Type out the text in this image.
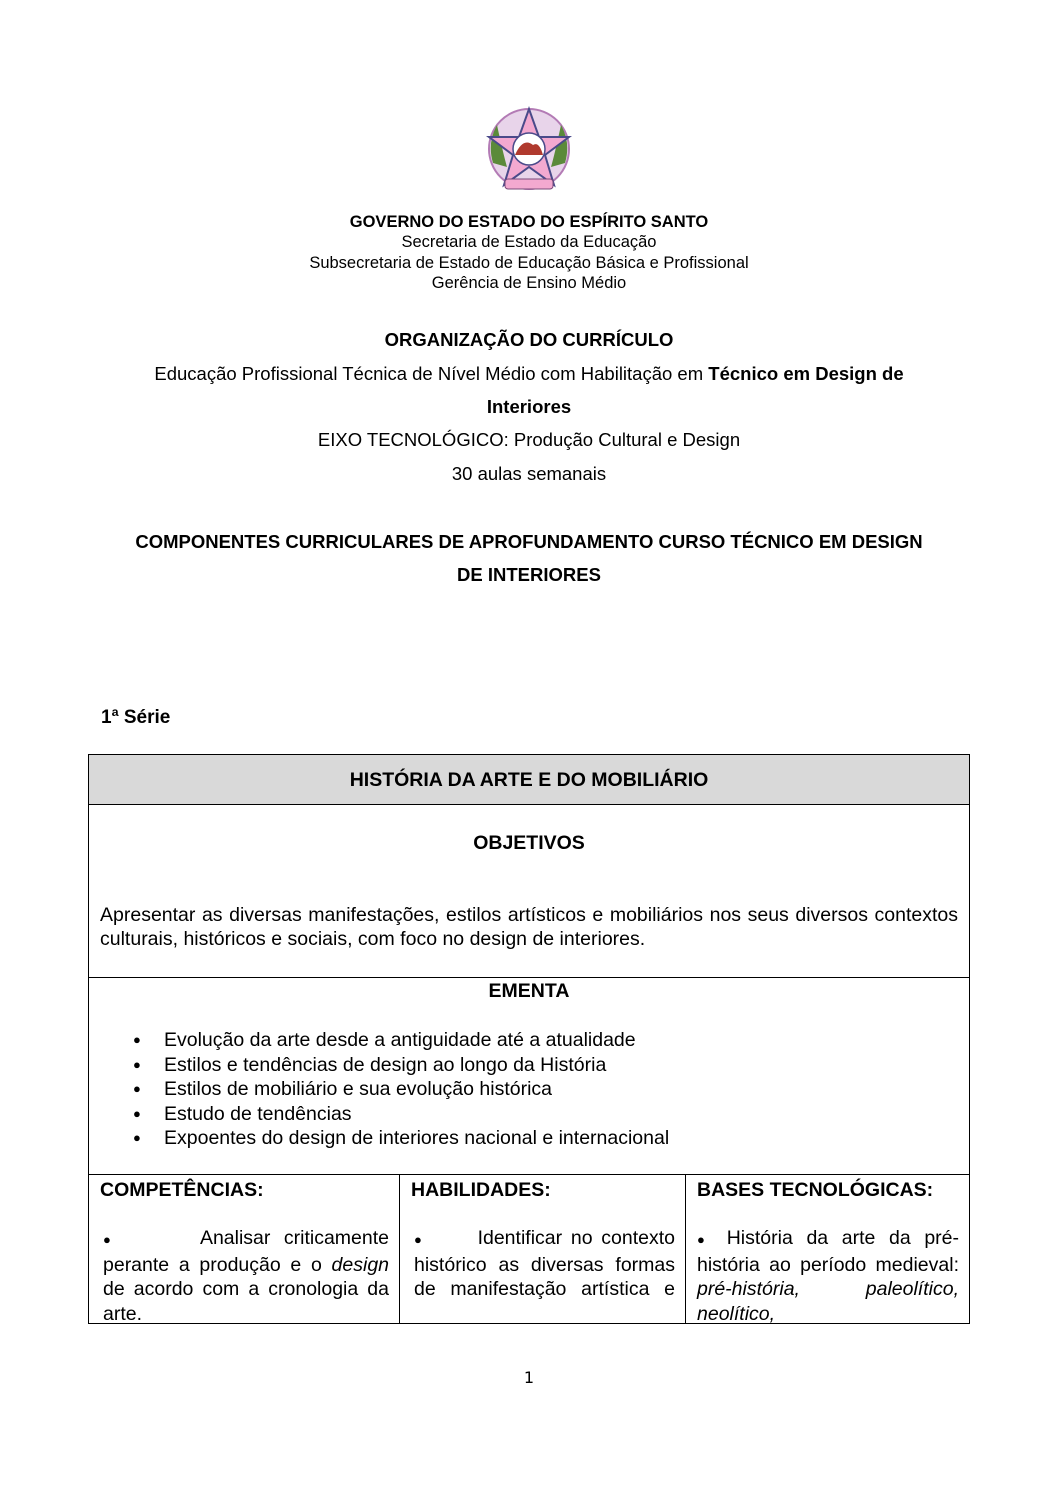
GOVERNO DO ESTADO DO ESPÍRITO SANTO
Secretaria de Estado da Educação
Subsecretaria de Estado de Educação Básica e Profissional
Gerência de Ensino Médio
ORGANIZAÇÃO DO CURRÍCULO
Educação Profissional Técnica de Nível Médio com Habilitação em Técnico em Design de
Interiores
EIXO TECNOLÓGICO: Produção Cultural e Design
30 aulas semanais
COMPONENTES CURRICULARES DE APROFUNDAMENTO CURSO TÉCNICO EM DESIGN
DE INTERIORES
1ª Série
HISTÓRIA DA ARTE E DO MOBILIÁRIO
OBJETIVOS

Apresentar as diversas manifestações, estilos artísticos e mobiliários nos seus diversos contextos culturais, históricos e sociais, com foco no design de interiores.

EMENTA
● Evolução da arte desde a antiguidade até a atualidade
● Estilos e tendências de design ao longo da História
● Estilos de mobiliário e sua evolução histórica
● Estudo de tendências
● Expoentes do design de interiores nacional e internacional
COMPETÊNCIAS:
●	Analisar criticamente perante a produção e o design de acordo com a cronologia da arte.
HABILIDADES:
●	Identificar no contexto histórico as diversas formas de manifestação artística e
BASES TECNOLÓGICAS:
● História da arte da pré-história ao período medieval: pré-história, paleolítico, neolítico,
1
